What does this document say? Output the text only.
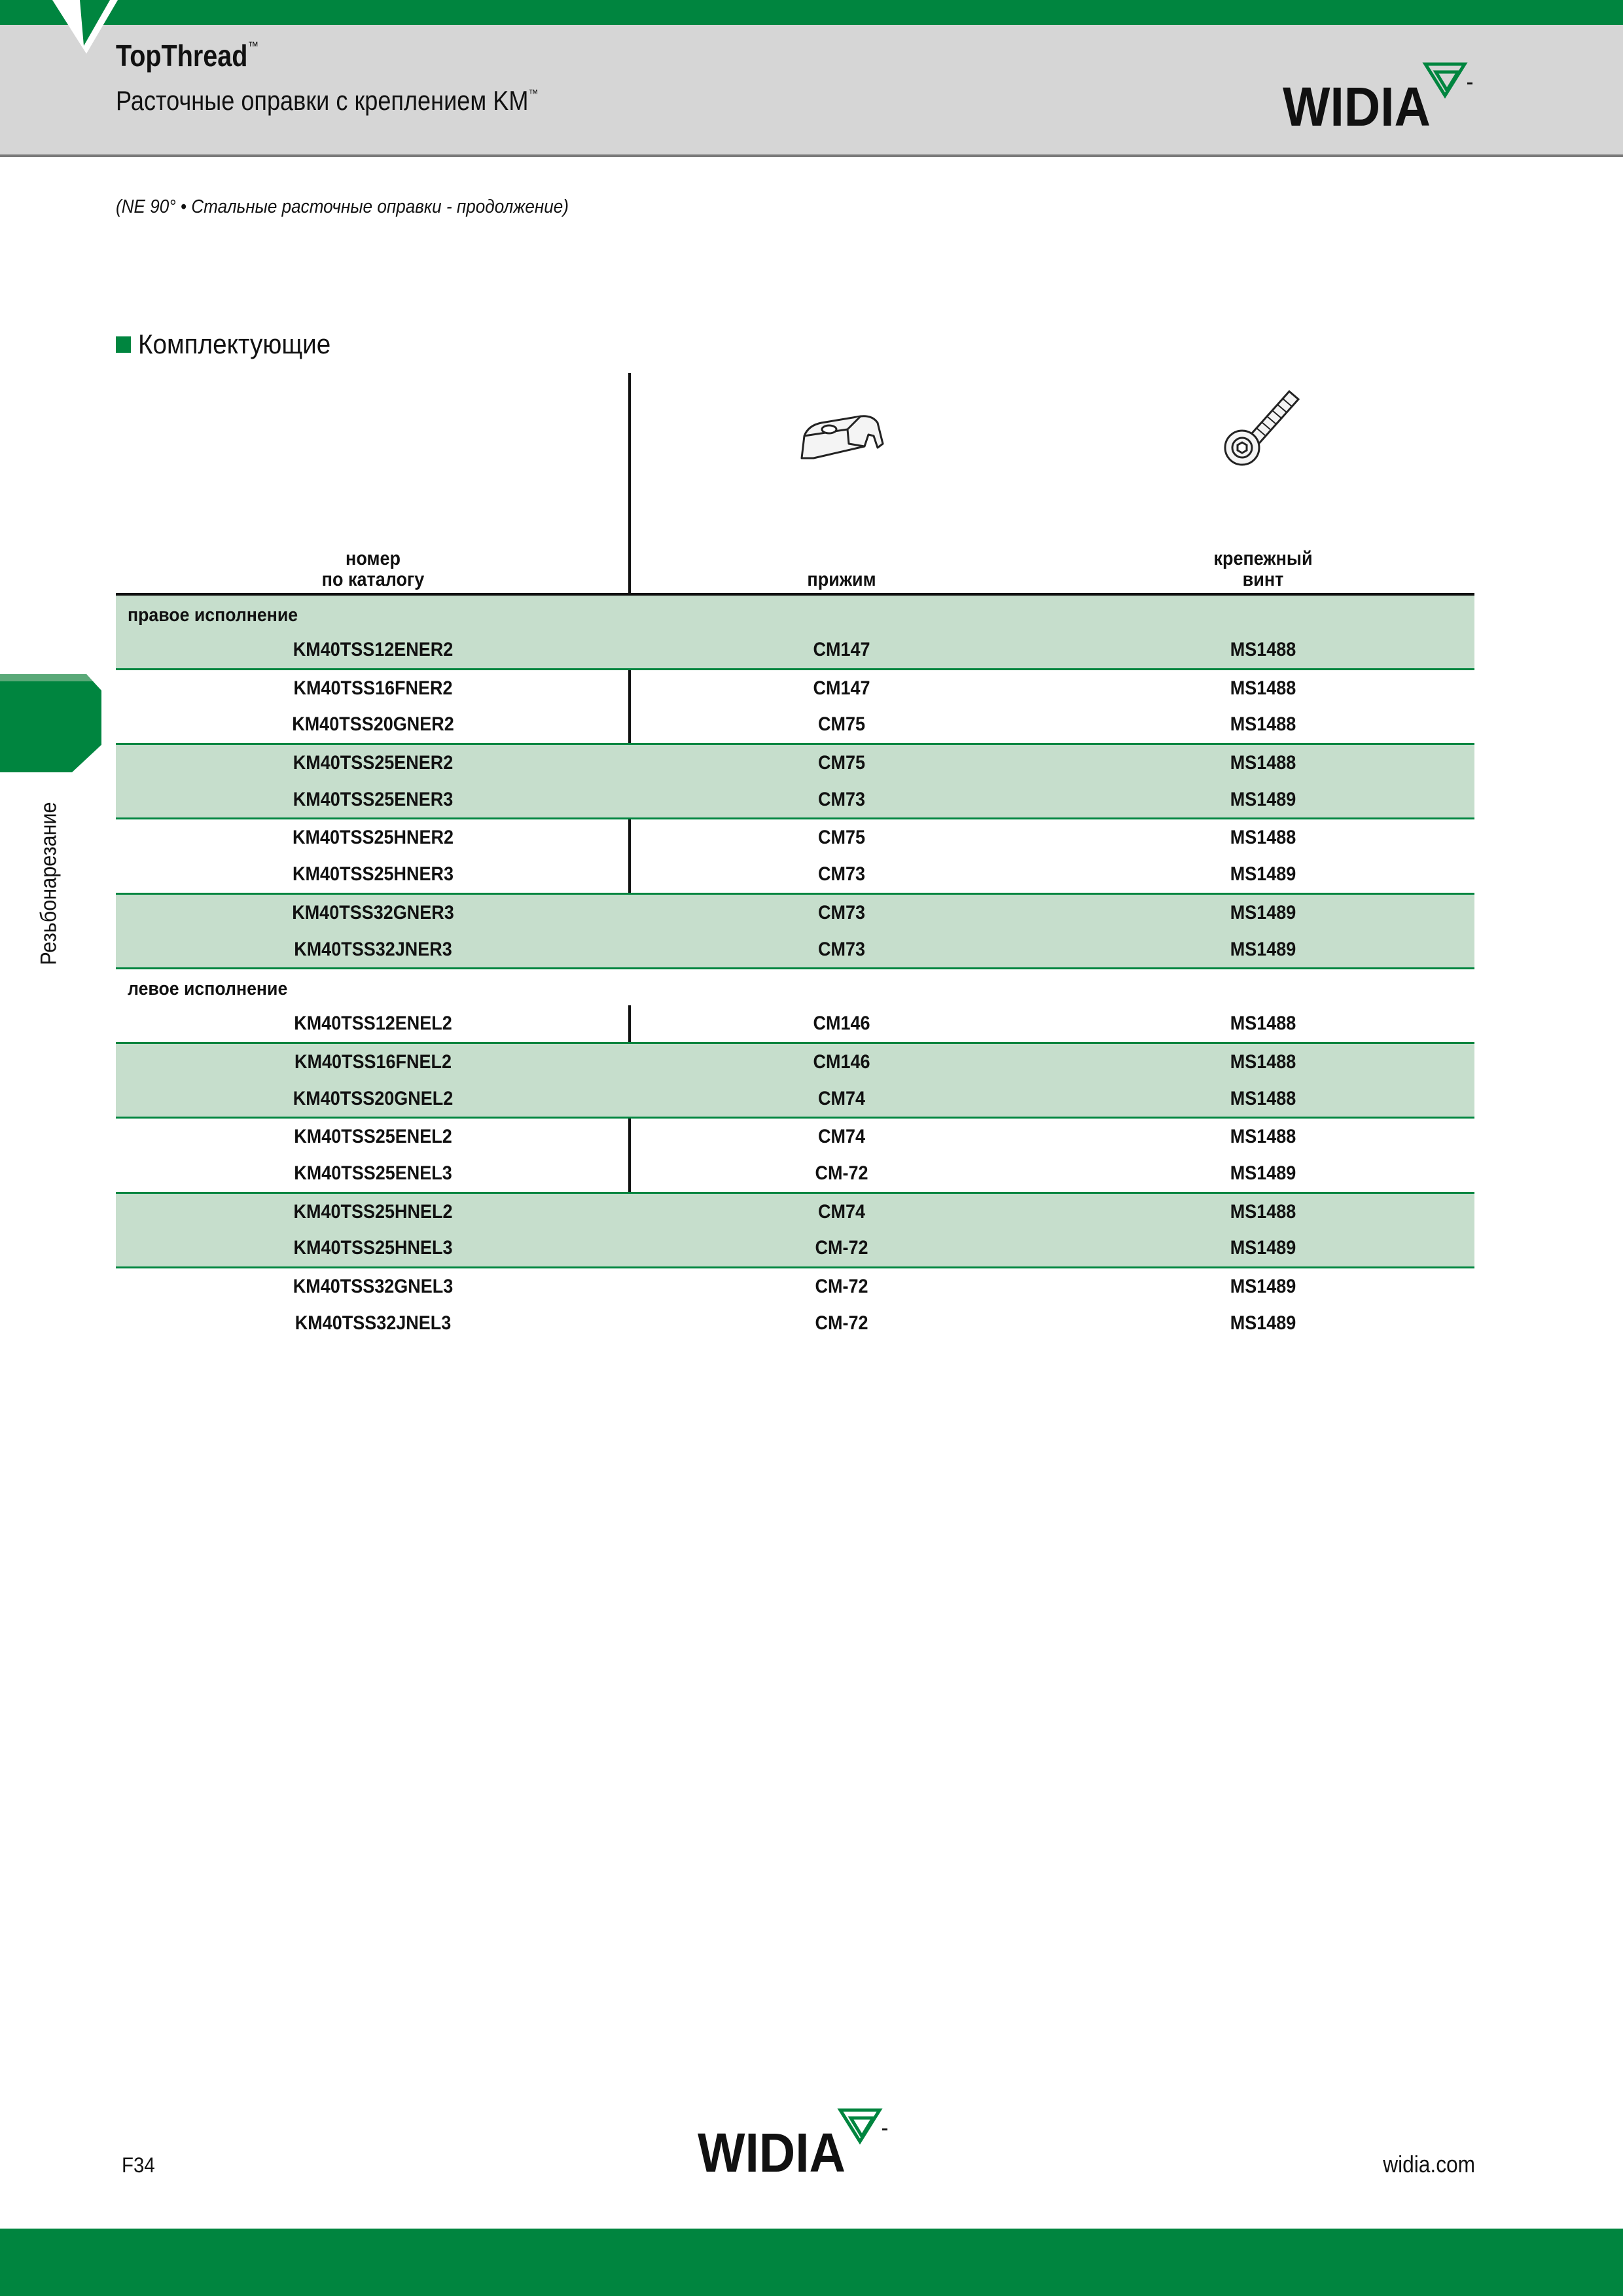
TopThread™
Расточные оправки с креплением KM™	WIDIA
(NE 90° • Стальные расточные оправки - продолжение)
Комплектующие
Резьбонарезание
номер
по каталогу	прижим
крепежный
винт
правое исполнение
KM40TSS12ENER2	CM147	MS1488
KM40TSS16FNER2	CM147	MS1488
KM40TSS20GNER2	CM75	MS1488
KM40TSS25ENER2	CM75	MS1488
KM40TSS25ENER3	CM73	MS1489
KM40TSS25HNER2	CM75	MS1488
KM40TSS25HNER3	CM73	MS1489
KM40TSS32GNER3	CM73	MS1489
KM40TSS32JNER3	CM73	MS1489
левое исполнение
KM40TSS12ENEL2	CM146	MS1488
KM40TSS16FNEL2	CM146	MS1488
KM40TSS20GNEL2	CM74	MS1488
KM40TSS25ENEL2	CM74	MS1488
KM40TSS25ENEL3	CM-72	MS1489
KM40TSS25HNEL2	CM74	MS1488
KM40TSS25HNEL3	CM-72	MS1489
KM40TSS32GNEL3	CM-72	MS1489
KM40TSS32JNEL3	CM-72	MS1489
F34	WIDIA	widia.com
